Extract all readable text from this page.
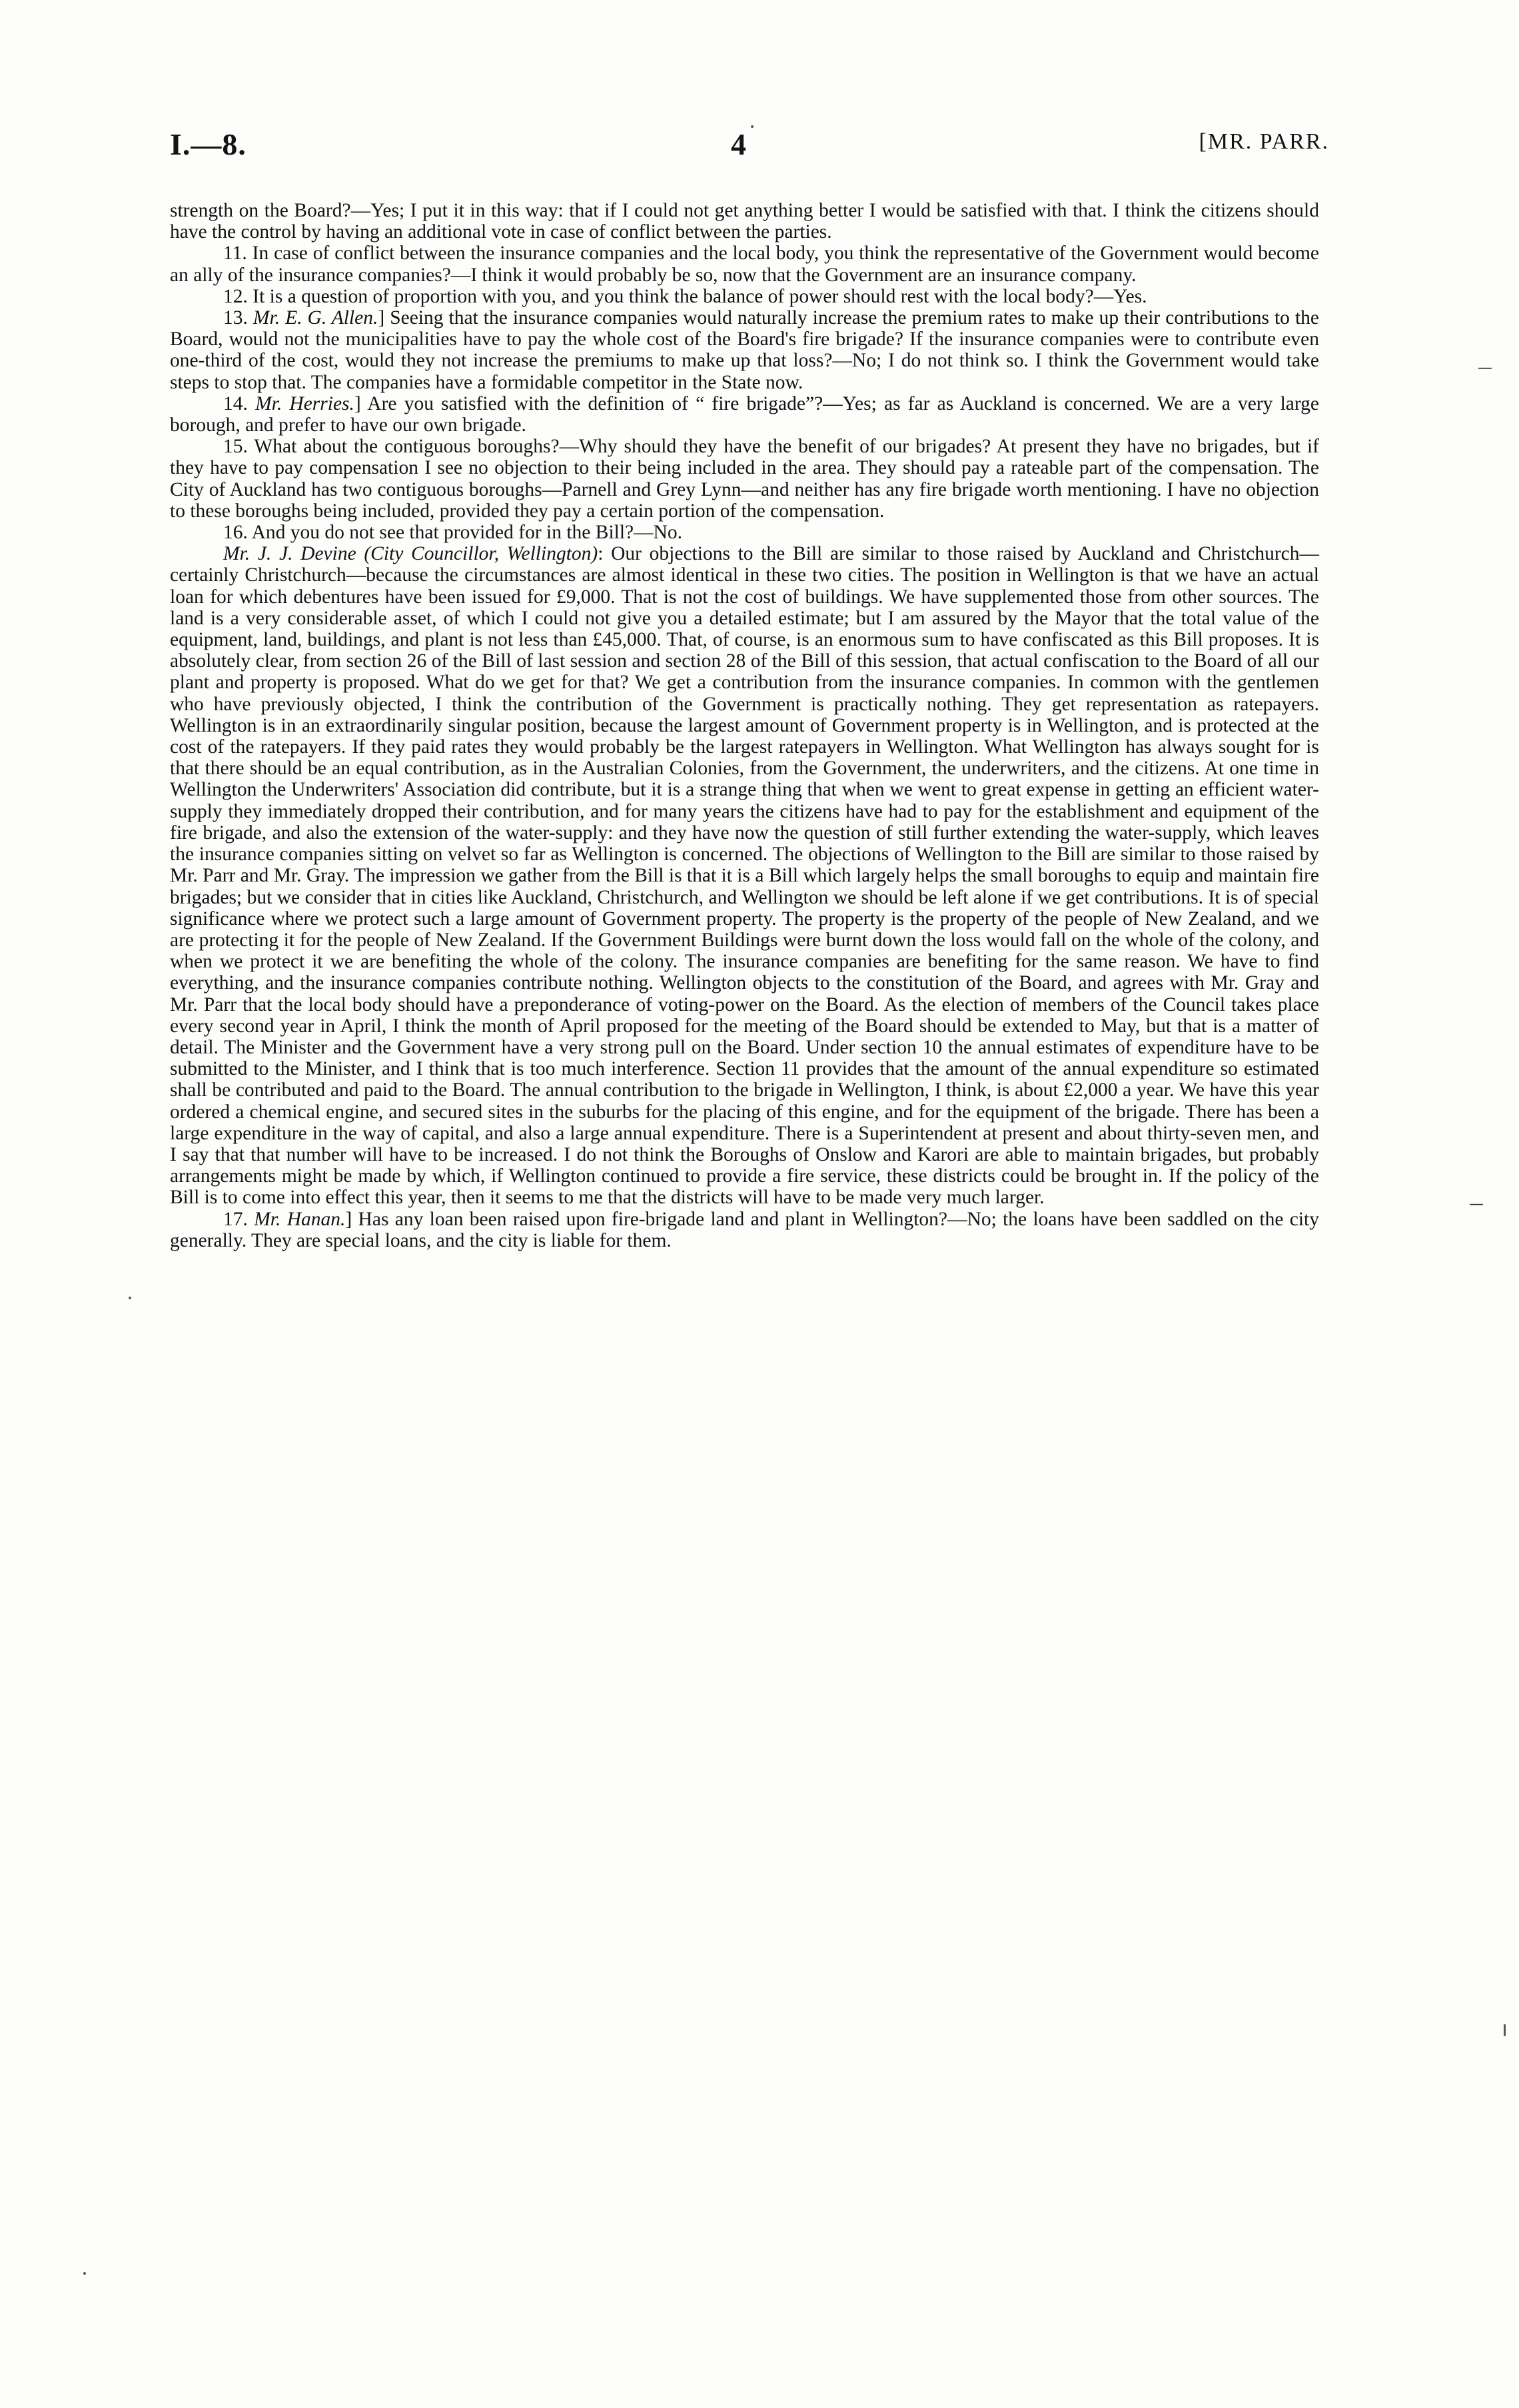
I.—8.	4	[MR. PARR.

strength on the Board?—Yes; I put it in this way: that if I could not get anything better I would be satisfied with that. I think the citizens should have the control by having an additional vote in case of conflict between the parties.

11. In case of conflict between the insurance companies and the local body, you think the representative of the Government would become an ally of the insurance companies?—I think it would probably be so, now that the Government are an insurance company.

12. It is a question of proportion with you, and you think the balance of power should rest with the local body?—Yes.

13. Mr. E. G. Allen.] Seeing that the insurance companies would naturally increase the premium rates to make up their contributions to the Board, would not the municipalities have to pay the whole cost of the Board's fire brigade? If the insurance companies were to contribute even one-third of the cost, would they not increase the premiums to make up that loss?—No; I do not think so. I think the Government would take steps to stop that. The companies have a formidable competitor in the State now.

14. Mr. Herries.] Are you satisfied with the definition of “ fire brigade”?—Yes; as far as Auckland is concerned. We are a very large borough, and prefer to have our own brigade.

15. What about the contiguous boroughs?—Why should they have the benefit of our brigades? At present they have no brigades, but if they have to pay compensation I see no objection to their being included in the area. They should pay a rateable part of the compensation. The City of Auckland has two contiguous boroughs—Parnell and Grey Lynn—and neither has any fire brigade worth mentioning. I have no objection to these boroughs being included, provided they pay a certain portion of the compensation.

16. And you do not see that provided for in the Bill?—No.

Mr. J. J. Devine (City Councillor, Wellington): Our objections to the Bill are similar to those raised by Auckland and Christchurch—certainly Christchurch—because the circumstances are almost identical in these two cities. The position in Wellington is that we have an actual loan for which debentures have been issued for £9,000. That is not the cost of buildings. We have supplemented those from other sources. The land is a very considerable asset, of which I could not give you a detailed estimate; but I am assured by the Mayor that the total value of the equipment, land, buildings, and plant is not less than £45,000. That, of course, is an enormous sum to have confiscated as this Bill proposes. It is absolutely clear, from section 26 of the Bill of last session and section 28 of the Bill of this session, that actual confiscation to the Board of all our plant and property is proposed. What do we get for that? We get a contribution from the insurance companies. In common with the gentlemen who have previously objected, I think the contribution of the Government is practically nothing. They get representation as ratepayers. Wellington is in an extraordinarily singular position, because the largest amount of Government property is in Wellington, and is protected at the cost of the ratepayers. If they paid rates they would probably be the largest ratepayers in Wellington. What Wellington has always sought for is that there should be an equal contribution, as in the Australian Colonies, from the Government, the underwriters, and the citizens. At one time in Wellington the Underwriters' Association did contribute, but it is a strange thing that when we went to great expense in getting an efficient water-supply they immediately dropped their contribution, and for many years the citizens have had to pay for the establishment and equipment of the fire brigade, and also the extension of the water-supply: and they have now the question of still further extending the water-supply, which leaves the insurance companies sitting on velvet so far as Wellington is concerned. The objections of Wellington to the Bill are similar to those raised by Mr. Parr and Mr. Gray. The impression we gather from the Bill is that it is a Bill which largely helps the small boroughs to equip and maintain fire brigades; but we consider that in cities like Auckland, Christchurch, and Wellington we should be left alone if we get contributions. It is of special significance where we protect such a large amount of Government property. The property is the property of the people of New Zealand, and we are protecting it for the people of New Zealand. If the Government Buildings were burnt down the loss would fall on the whole of the colony, and when we protect it we are benefiting the whole of the colony. The insurance companies are benefiting for the same reason. We have to find everything, and the insurance companies contribute nothing. Wellington objects to the constitution of the Board, and agrees with Mr. Gray and Mr. Parr that the local body should have a preponderance of voting-power on the Board. As the election of members of the Council takes place every second year in April, I think the month of April proposed for the meeting of the Board should be extended to May, but that is a matter of detail. The Minister and the Government have a very strong pull on the Board. Under section 10 the annual estimates of expenditure have to be submitted to the Minister, and I think that is too much interference. Section 11 provides that the amount of the annual expenditure so estimated shall be contributed and paid to the Board. The annual contribution to the brigade in Wellington, I think, is about £2,000 a year. We have this year ordered a chemical engine, and secured sites in the suburbs for the placing of this engine, and for the equipment of the brigade. There has been a large expenditure in the way of capital, and also a large annual expenditure. There is a Superintendent at present and about thirty-seven men, and I say that that number will have to be increased. I do not think the Boroughs of Onslow and Karori are able to maintain brigades, but probably arrangements might be made by which, if Wellington continued to provide a fire service, these districts could be brought in. If the policy of the Bill is to come into effect this year, then it seems to me that the districts will have to be made very much larger.

17. Mr. Hanan.] Has any loan been raised upon fire-brigade land and plant in Wellington?—No; the loans have been saddled on the city generally. They are special loans, and the city is liable for them.

—
—
